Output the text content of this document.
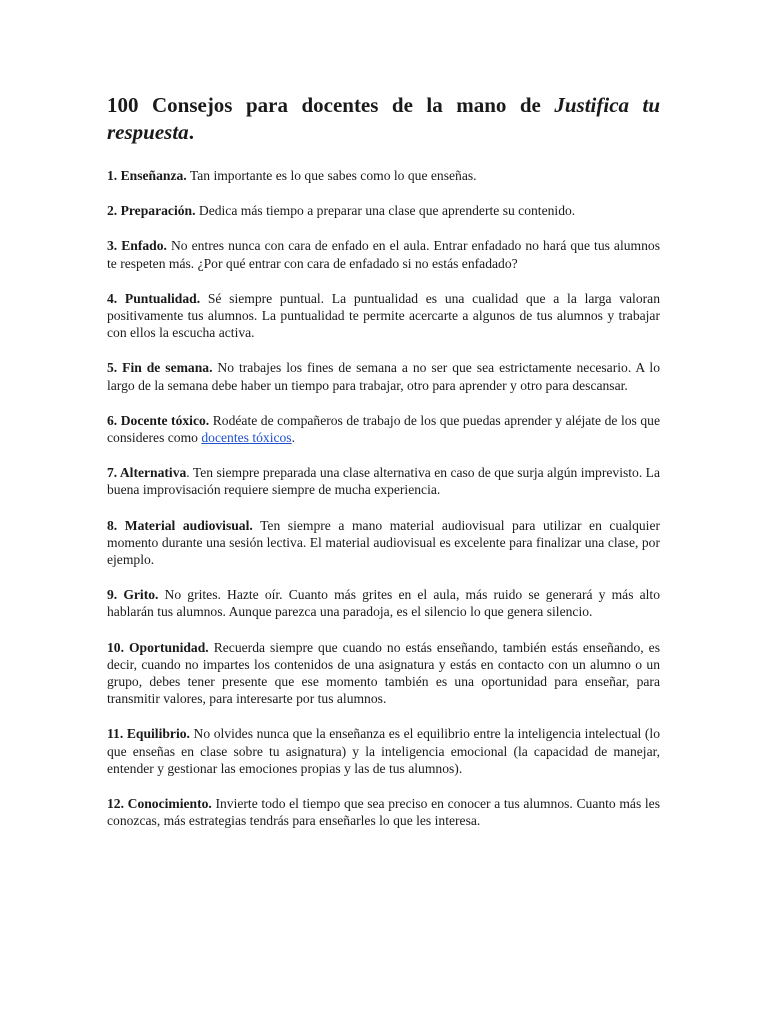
100 Consejos para docentes de la mano de Justifica tu respuesta.

1. Enseñanza. Tan importante es lo que sabes como lo que enseñas.

2. Preparación. Dedica más tiempo a preparar una clase que aprenderte su contenido.

3. Enfado. No entres nunca con cara de enfado en el aula. Entrar enfadado no hará que tus alumnos te respeten más. ¿Por qué entrar con cara de enfadado si no estás enfadado?

4. Puntualidad. Sé siempre puntual. La puntualidad es una cualidad que a la larga valoran positivamente tus alumnos. La puntualidad te permite acercarte a algunos de tus alumnos y trabajar con ellos la escucha activa.

5. Fin de semana. No trabajes los fines de semana a no ser que sea estrictamente necesario. A lo largo de la semana debe haber un tiempo para trabajar, otro para aprender y otro para descansar.

6. Docente tóxico. Rodéate de compañeros de trabajo de los que puedas aprender y aléjate de los que consideres como docentes tóxicos.

7. Alternativa. Ten siempre preparada una clase alternativa en caso de que surja algún imprevisto. La buena improvisación requiere siempre de mucha experiencia.

8. Material audiovisual. Ten siempre a mano material audiovisual para utilizar en cualquier momento durante una sesión lectiva. El material audiovisual es excelente para finalizar una clase, por ejemplo.

9. Grito. No grites. Hazte oír. Cuanto más grites en el aula, más ruido se generará y más alto hablarán tus alumnos. Aunque parezca una paradoja, es el silencio lo que genera silencio.

10. Oportunidad. Recuerda siempre que cuando no estás enseñando, también estás enseñando, es decir, cuando no impartes los contenidos de una asignatura y estás en contacto con un alumno o un grupo, debes tener presente que ese momento también es una oportunidad para enseñar, para transmitir valores, para interesarte por tus alumnos.

11. Equilibrio. No olvides nunca que la enseñanza es el equilibrio entre la inteligencia intelectual (lo que enseñas en clase sobre tu asignatura) y la inteligencia emocional (la capacidad de manejar, entender y gestionar las emociones propias y las de tus alumnos).

12. Conocimiento. Invierte todo el tiempo que sea preciso en conocer a tus alumnos. Cuanto más les conozcas, más estrategias tendrás para enseñarles lo que les interesa.
